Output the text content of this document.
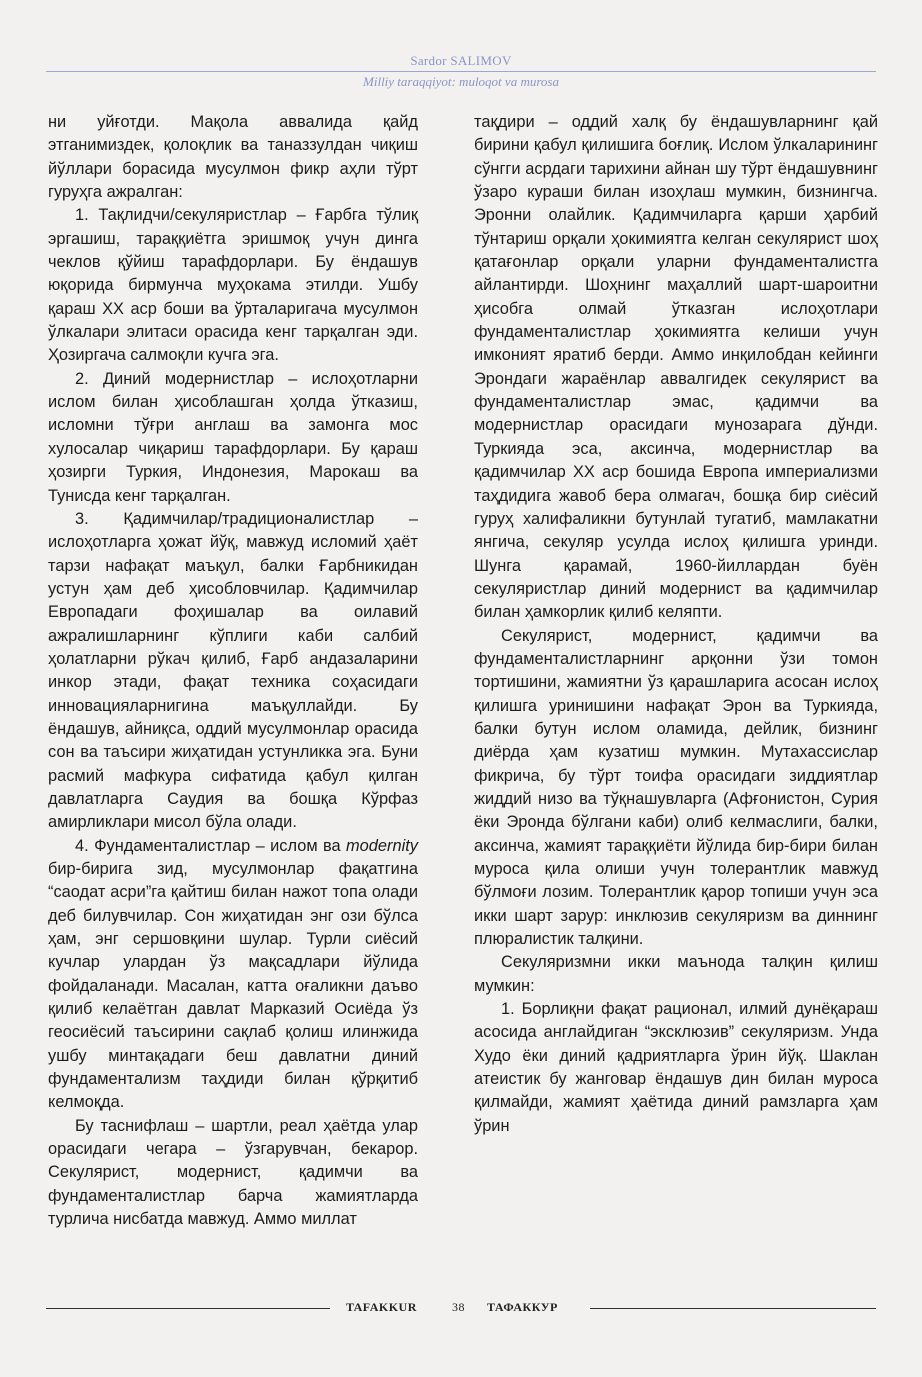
Sardor SALIMOV
Milliy taraqqiyot: muloqot va murosa

ни уйғотди. Мақола аввалида қайд этганимиздек, қолоқлик ва таназзулдан чиқиш йўллари борасида мусулмон фикр аҳли тўрт гуруҳга ажралган:

1. Тақлидчи/секуляристлар – Ғарбга тўлиқ эргашиш, тараққиётга эришмоқ учун динга чеклов қўйиш тарафдорлари. Бу ёндашув юқорида бирмунча муҳокама этилди. Ушбу қараш XX аср боши ва ўрталаригача мусулмон ўлкалари элитаси орасида кенг тарқалган эди. Ҳозиргача салмоқли кучга эга.

2. Диний модернистлар – ислоҳотларни ислом билан ҳисоблашган ҳолда ўтказиш, исломни тўғри англаш ва замонга мос хулосалар чиқариш тарафдорлари. Бу қараш ҳозирги Туркия, Индонезия, Марокаш ва Тунисда кенг тарқалган.

3. Қадимчилар/традиционалистлар – ислоҳотларга ҳожат йўқ, мавжуд исломий ҳаёт тарзи нафақат маъқул, балки Ғарбникидан устун ҳам деб ҳисобловчилар. Қадимчилар Европадаги фоҳишалар ва оилавий ажралишларнинг кўплиги каби салбий ҳолатларни рўкач қилиб, Ғарб андазаларини инкор этади, фақат техника соҳасидаги инновацияларнигина маъқуллайди. Бу ёндашув, айниқса, оддий мусулмонлар орасида сон ва таъсири жиҳатидан устунликка эга. Буни расмий мафкура сифатида қабул қилган давлатларга Саудия ва бошқа Кўрфаз амирликлари мисол бўла олади.

4. Фундаменталистлар – ислом ва modernity бир-бирига зид, мусулмонлар фақатгина “саодат асри”га қайтиш билан нажот топа олади деб билувчилар. Сон жиҳатидан энг ози бўлса ҳам, энг сершовқини шулар. Турли сиёсий кучлар улардан ўз мақсадлари йўлида фойдаланади. Масалан, катта оғаликни даъво қилиб келаётган давлат Марказий Осиёда ўз геосиёсий таъсирини сақлаб қолиш илинжида ушбу минтақадаги беш давлатни диний фундаментализм таҳдиди билан қўрқитиб келмоқда.

Бу таснифлаш – шартли, реал ҳаётда улар орасидаги чегара – ўзгарувчан, бекарор. Секулярист, модернист, қадимчи ва фундаменталистлар барча жамиятларда турлича нисбатда мавжуд. Аммо миллат

тақдири – оддий халқ бу ёндашувларнинг қай бирини қабул қилишига боғлиқ. Ислом ўлкаларининг сўнгги асрдаги тарихини айнан шу тўрт ёндашувнинг ўзаро кураши билан изоҳлаш мумкин, бизнингча. Эронни олайлик. Қадимчиларга қарши ҳарбий тўнтариш орқали ҳокимиятга келган секулярист шоҳ қатағонлар орқали уларни фундаменталистга айлантирди. Шоҳнинг маҳаллий шарт-шароитни ҳисобга олмай ўтказган ислоҳотлари фундаменталистлар ҳокимиятга келиши учун имконият яратиб берди. Аммо инқилобдан кейинги Эрондаги жараёнлар аввалгидек секулярист ва фундаменталистлар эмас, қадимчи ва модернистлар орасидаги мунозарага дўнди. Туркияда эса, аксинча, модернистлар ва қадимчилар XX аср бошида Европа империализми таҳдидига жавоб бера олмагач, бошқа бир сиёсий гуруҳ халифаликни бутунлай тугатиб, мамлакатни янгича, секуляр усулда ислоҳ қилишга уринди. Шунга қарамай, 1960-йиллардан буён секуляристлар диний модернист ва қадимчилар билан ҳамкорлик қилиб келяпти.

Секулярист, модернист, қадимчи ва фундаменталистларнинг арқонни ўзи томон тортишини, жамиятни ўз қарашларига асосан ислоҳ қилишга уринишини нафақат Эрон ва Туркияда, балки бутун ислом оламида, дейлик, бизнинг диёрда ҳам кузатиш мумкин. Мутахассислар фикрича, бу тўрт тоифа орасидаги зиддиятлар жиддий низо ва тўқнашувларга (Афғонистон, Сурия ёки Эронда бўлгани каби) олиб келмаслиги, балки, аксинча, жамият тараққиёти йўлида бир-бири билан муроса қила олиши учун толерантлик мавжуд бўлмоғи лозим. Толерантлик қарор топиши учун эса икки шарт зарур: инклюзив секуляризм ва диннинг плюралистик талқини.

Секуляризмни икки маънода талқин қилиш мумкин:

1. Борлиқни фақат рационал, илмий дунёқараш асосида англайдиган “эксклюзив” секуляризм. Унда Худо ёки диний қадриятларга ўрин йўқ. Шаклан атеистик бу жанговар ёндашув дин билан муроса қилмайди, жамият ҳаётида диний рамзларга ҳам ўрин

TAFAKKUR	38 ТАФАККУР
